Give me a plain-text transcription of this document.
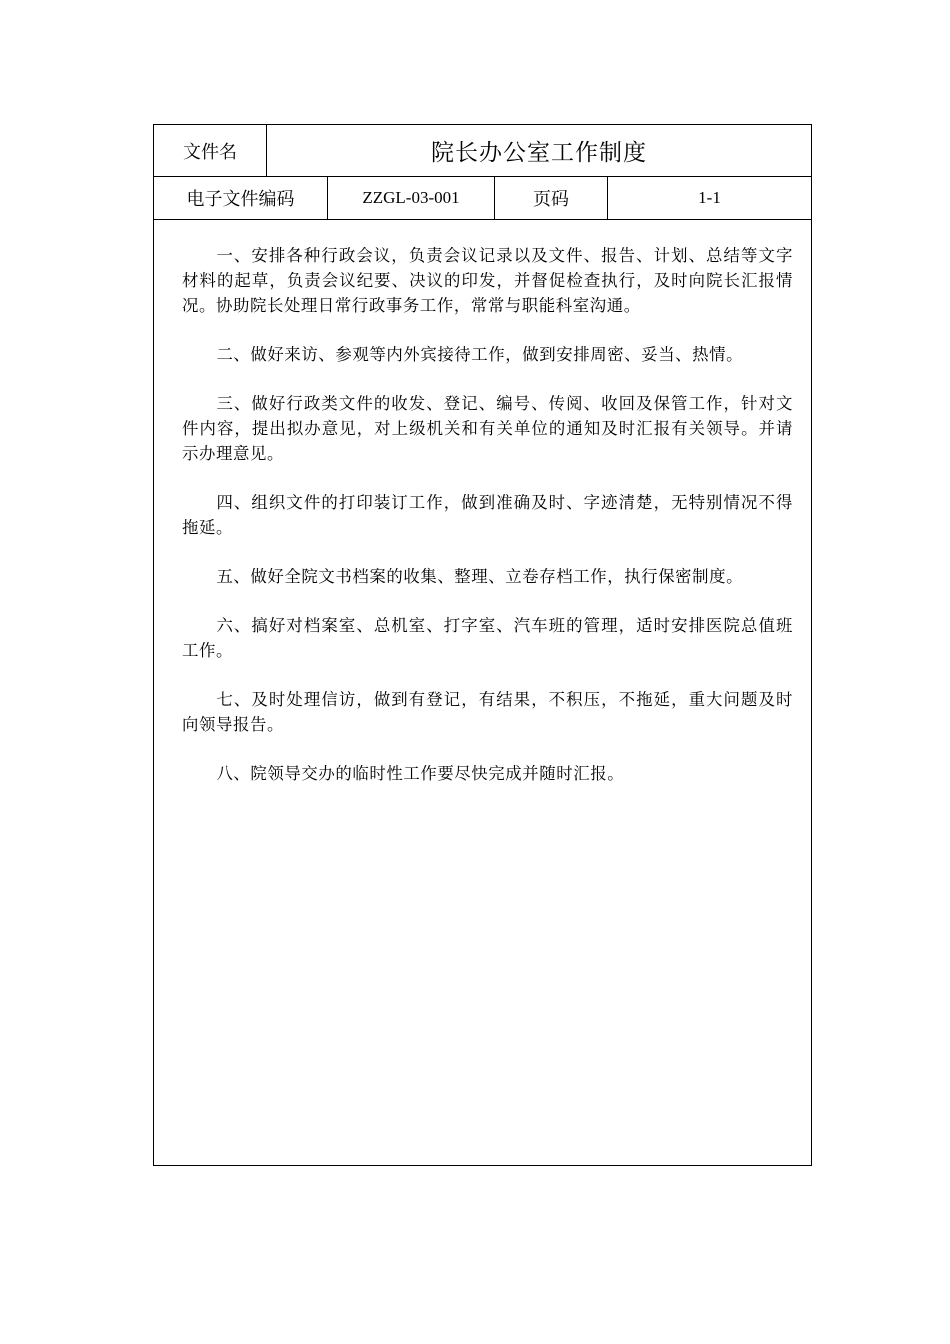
文件名	院长办公室工作制度
电子文件编码	ZZGL-03-001	页码	1-1

一、安排各种行政会议，负责会议记录以及文件、报告、计划、总结等文字材料的起草，负责会议纪要、决议的印发，并督促检查执行，及时向院长汇报情况。协助院长处理日常行政事务工作，常常与职能科室沟通。

二、做好来访、参观等内外宾接待工作，做到安排周密、妥当、热情。

三、做好行政类文件的收发、登记、编号、传阅、收回及保管工作，针对文件内容，提出拟办意见，对上级机关和有关单位的通知及时汇报有关领导。并请示办理意见。

四、组织文件的打印装订工作，做到准确及时、字迹清楚，无特别情况不得拖延。

五、做好全院文书档案的收集、整理、立卷存档工作，执行保密制度。

六、搞好对档案室、总机室、打字室、汽车班的管理，适时安排医院总值班工作。

七、及时处理信访，做到有登记，有结果，不积压，不拖延，重大问题及时向领导报告。

八、院领导交办的临时性工作要尽快完成并随时汇报。
